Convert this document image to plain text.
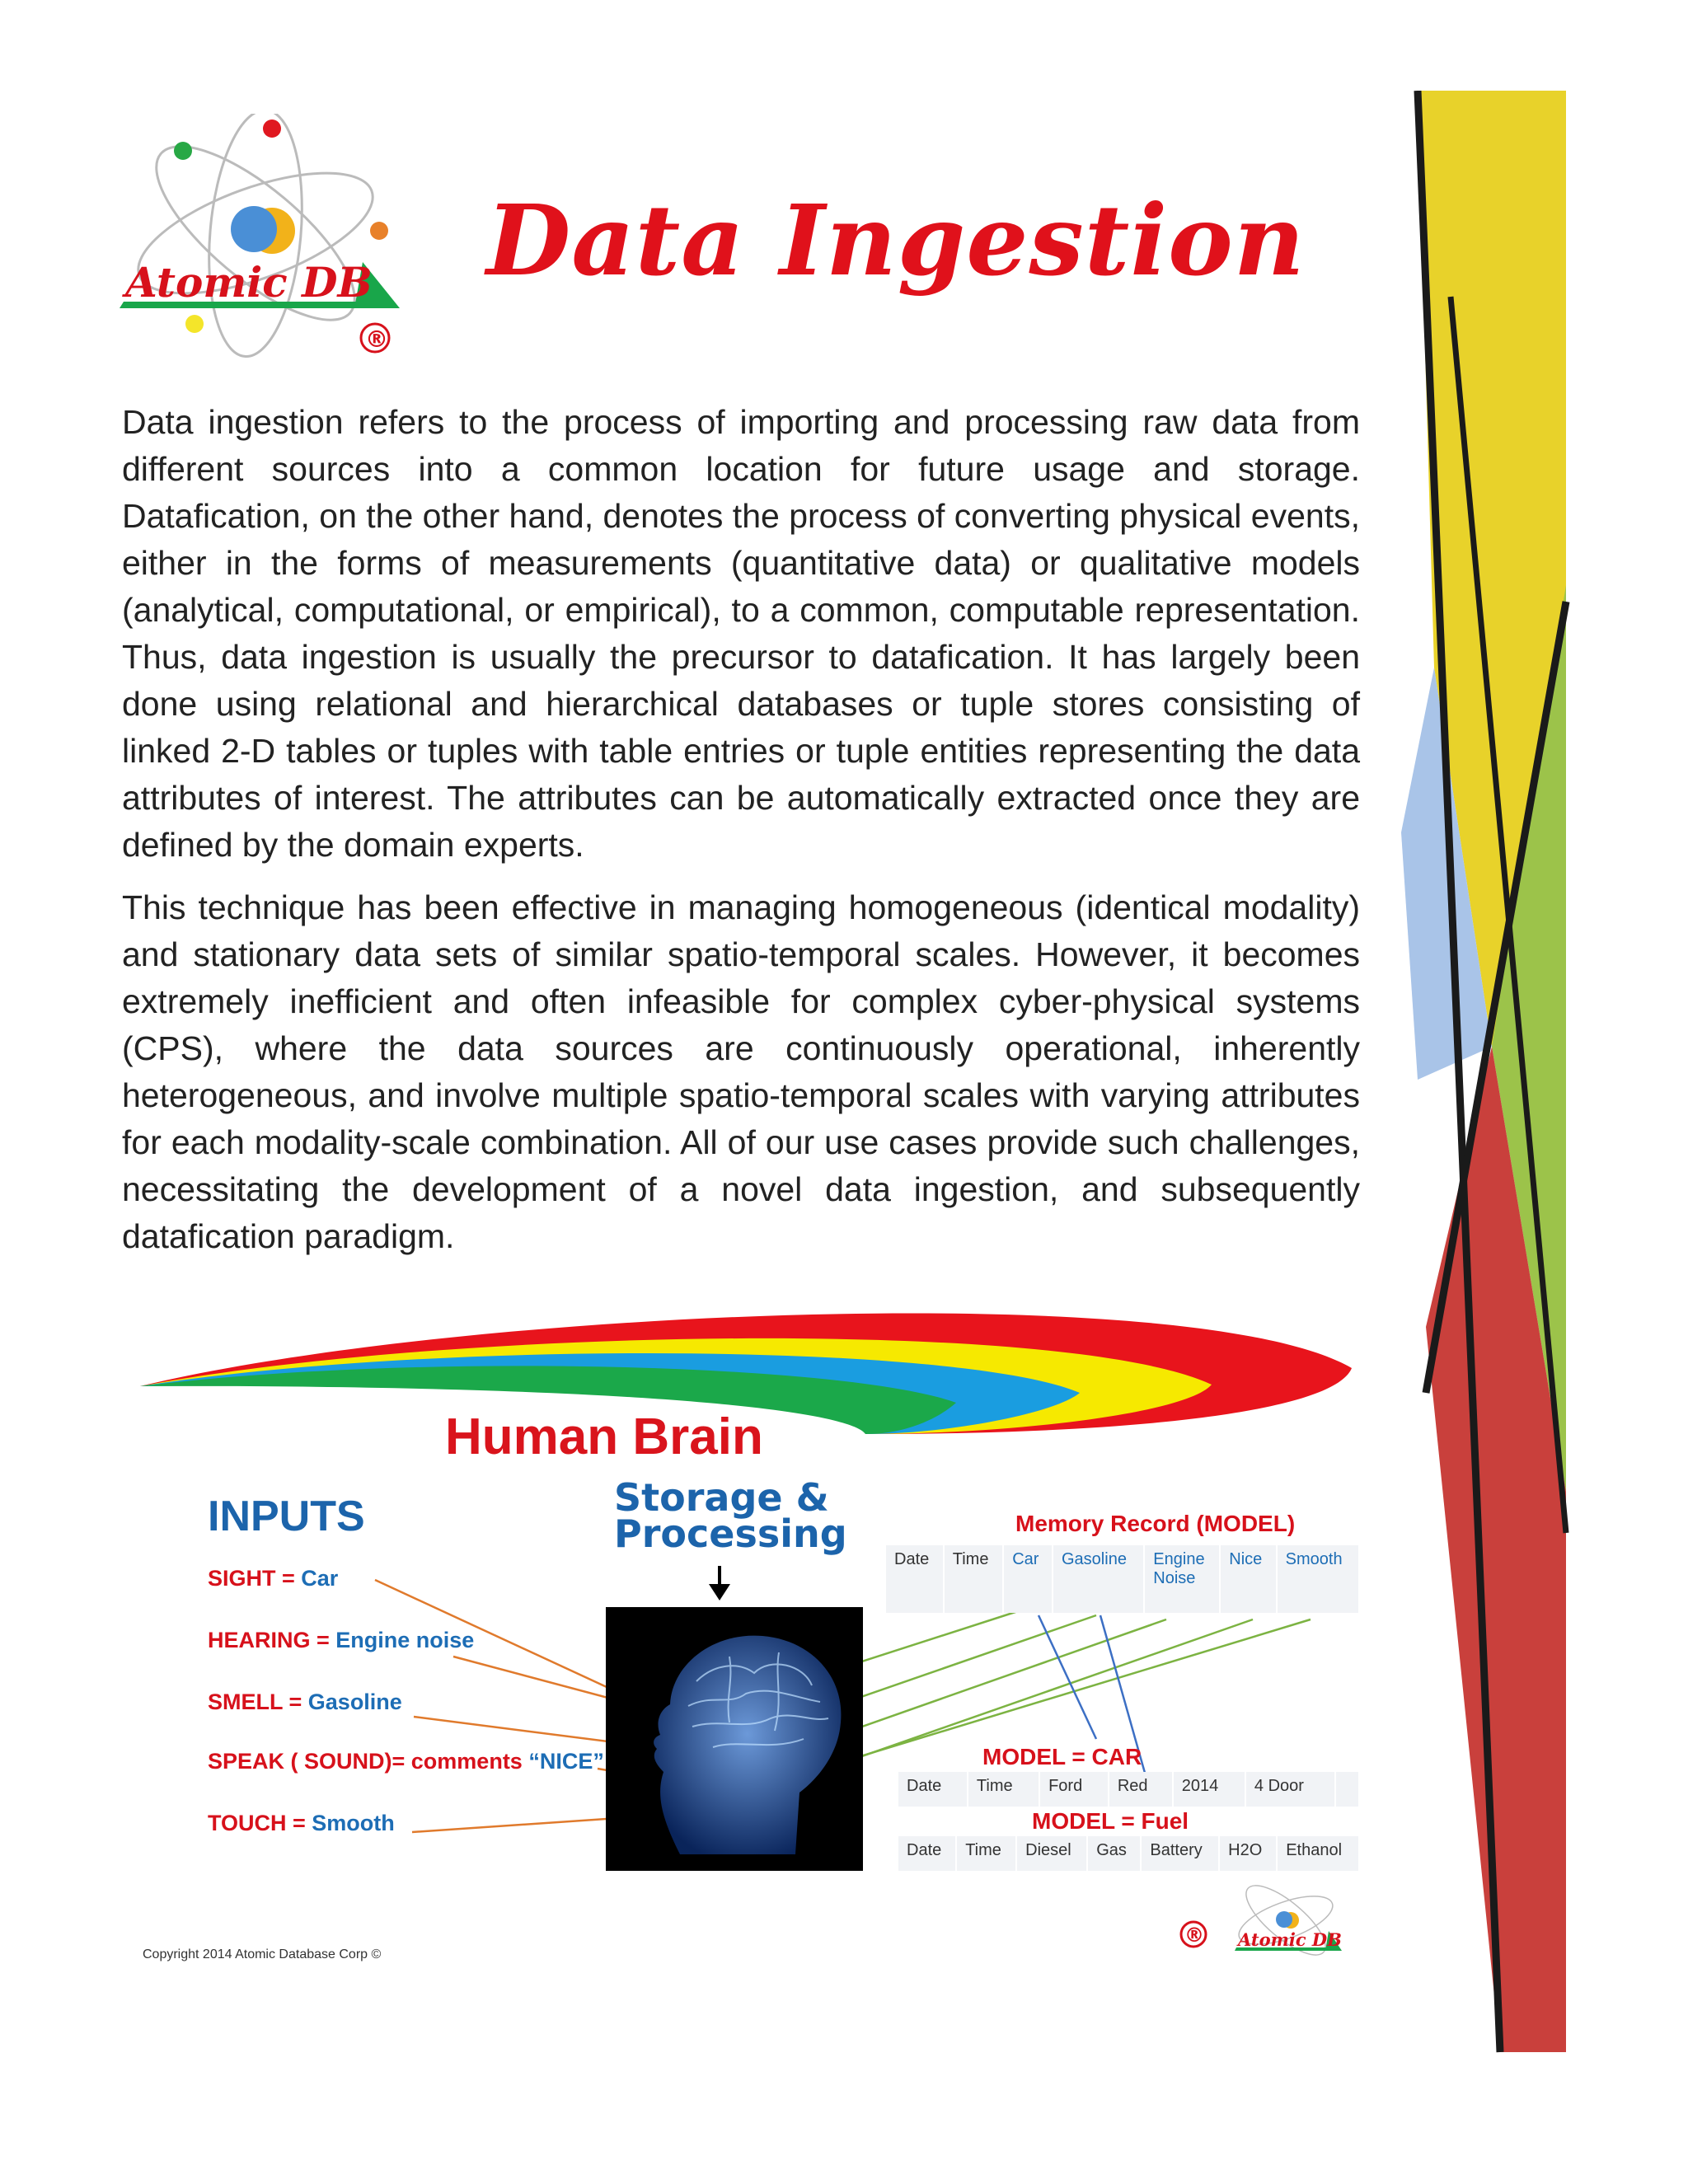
Atomic DB
®
Data Ingestion

Data ingestion refers to the process of importing and processing raw data from different sources into a common location for future usage and storage. Datafication, on the other hand, denotes the process of converting physical events, either in the forms of measurements (quantitative data) or qualitative models (analytical, computational, or empirical), to a common, computable representation. Thus, data ingestion is usually the precursor to datafication. It has largely been done using relational and hierarchical databases or tuple stores consisting of linked 2-D tables or tuples with table entries or tuple entities representing the data attributes of interest. The attributes can be automatically extracted once they are defined by the domain experts.

This technique has been effective in managing homogeneous (identical modality) and stationary data sets of similar spatio-temporal scales. However, it becomes extremely inefficient and often infeasible for complex cyber-physical systems (CPS), where the data sources are continuously operational, inherently heterogeneous, and involve multiple spatio-temporal scales with varying attributes for each modality-scale combination. All of our use cases provide such challenges, necessitating the development of a novel data ingestion, and subsequently datafication paradigm.

Human Brain
INPUTS
SIGHT = Car
HEARING = Engine noise
SMELL = Gasoline
SPEAK ( SOUND)= comments “NICE”
TOUCH = Smooth
Storage &
Processing	Memory Record (MODEL)
Date	Time	Car	Gasoline	Engine Noise	Nice	Smooth
MODEL = CAR
Date	Time	Ford	Red	2014	4 Door	
MODEL = Fuel
Date	Time	Diesel	Gas	Battery	H2O	Ethanol
Atomic DB
®
Copyright 2014 Atomic Database Corp ©
